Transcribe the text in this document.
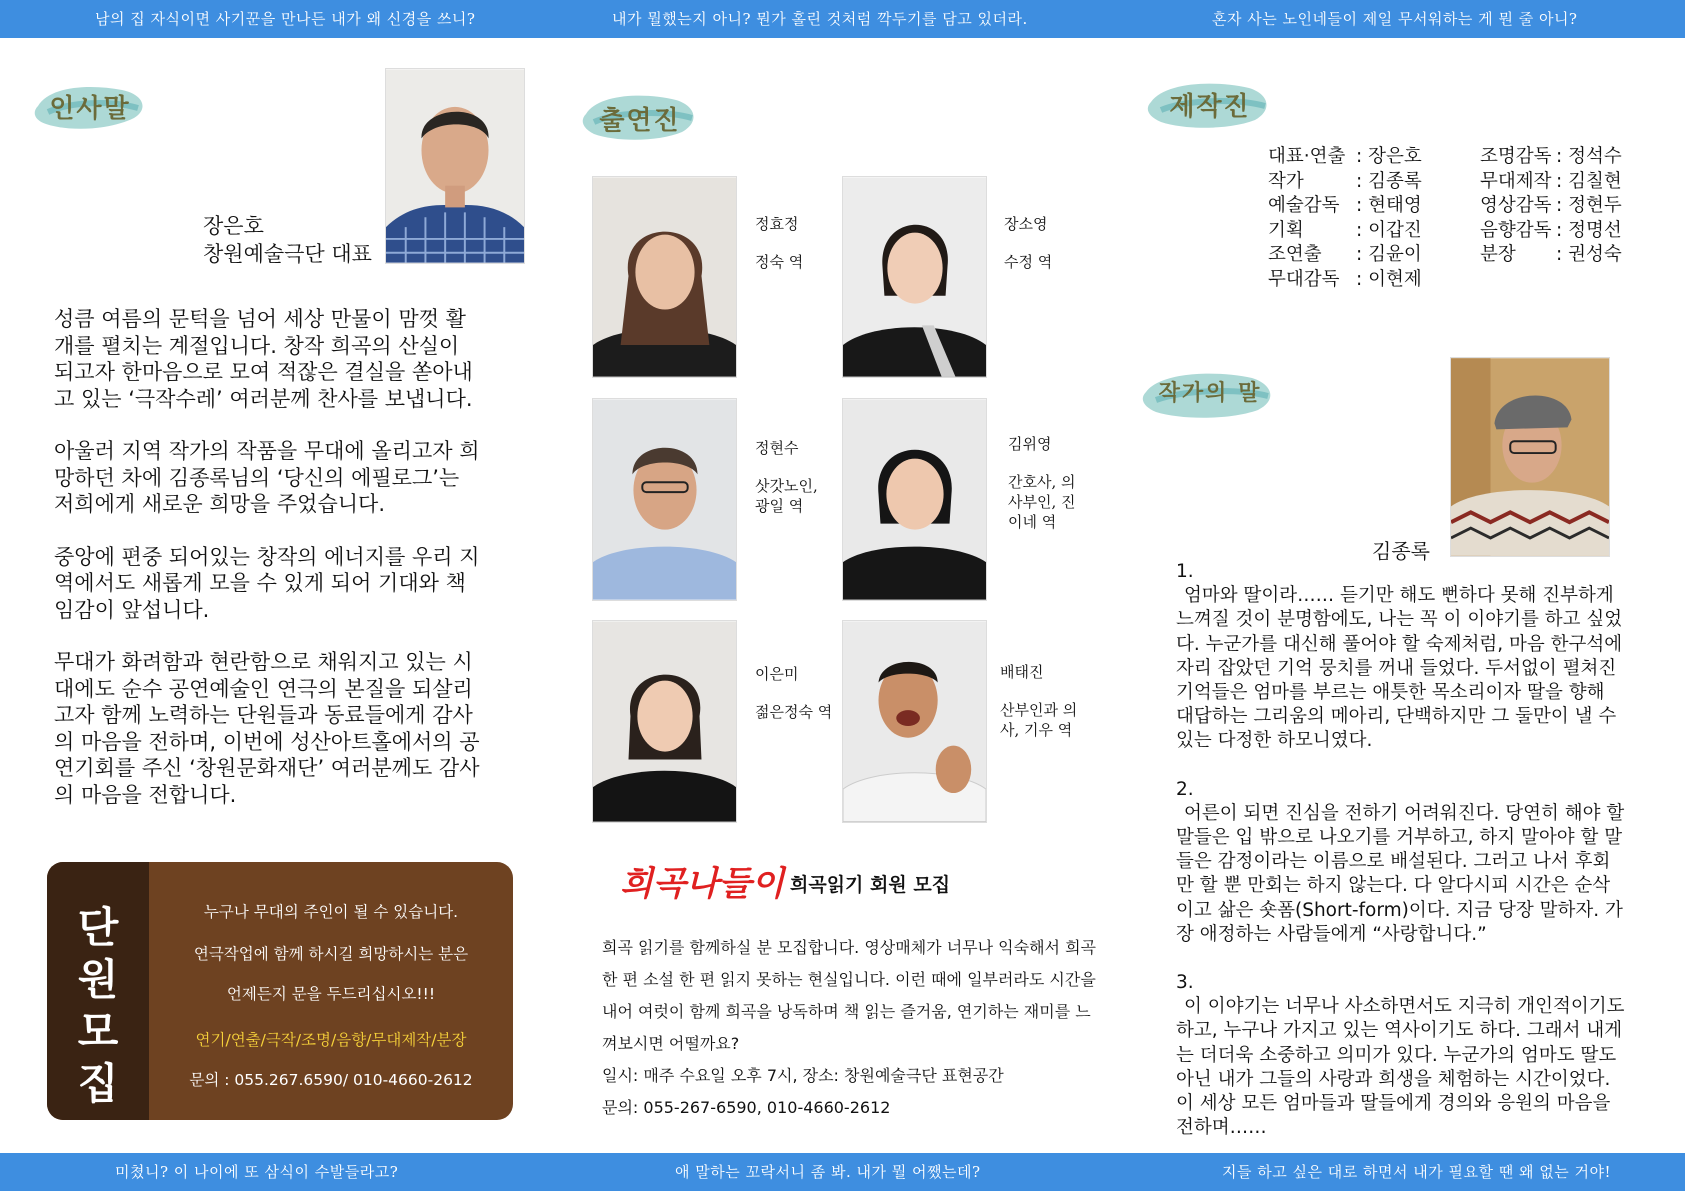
남의 집 자식이면 사기꾼을 만나든 내가 왜 신경을 쓰니?	내가 뭘했는지 아니? 뭔가 홀린 것처럼 깍두기를 담고 있더라.	혼자 사는 노인네들이 제일 무서워하는 게 뭔 줄 아니?
인사말
장은호
창원예술극단 대표

성큼 여름의 문턱을 넘어 세상 만물이 맘껏 활개를 펼치는 계절입니다. 창작 희곡의 산실이 되고자 한마음으로 모여 적잖은 결실을 쏟아내고 있는 ‘극작수레’ 여러분께 찬사를 보냅니다.

아울러 지역 작가의 작품을 무대에 올리고자 희망하던 차에 김종록님의 ‘당신의 에필로그’는 저희에게 새로운 희망을 주었습니다.

중앙에 편중 되어있는 창작의 에너지를 우리 지역에서도 새롭게 모을 수 있게 되어 기대와 책임감이 앞섭니다.

무대가 화려함과 현란함으로 채워지고 있는 시대에도 순수 공연예술인 연극의 본질을 되살리고자 함께 노력하는 단원들과 동료들에게 감사의 마음을 전하며, 이번에 성산아트홀에서의 공연기회를 주신 ‘창원문화재단’ 여러분께도 감사의 마음을 전합니다.

단
원
모
집
누구나 무대의 주인이 될 수 있습니다.
연극작업에 함께 하시길 희망하시는 분은
언제든지 문을 두드리십시오!!!
연기/연출/극작/조명/음향/무대제작/분장
문의 : 055.267.6590/ 010-4660-2612
출연진
정효정
정숙 역
장소영
수정 역
정현수
삿갓노인, 광일 역
김위영
간호사, 의사부인, 진이네 역
이은미
젊은정숙 역
배태진
산부인과 의사, 기우 역
희곡나들이 희곡읽기 회원 모집
희곡 읽기를 함께하실 분 모집합니다. 영상매체가 너무나 익숙해서 희곡 한 편 소설 한 편 읽지 못하는 현실입니다. 이런 때에 일부러라도 시간을 내어 여럿이 함께 희곡을 낭독하며 책 읽는 즐거움, 연기하는 재미를 느껴보시면 어떨까요?
일시: 매주 수요일 오후 7시, 장소: 창원예술극단 표현공간
문의: 055-267-6590, 010-4660-2612
제작진
대표·연출 : 장은호
작가	: 김종록
예술감독 : 현태영
기획	: 이갑진
조연출 : 김윤이
무대감독 : 이현제
조명감독 : 정석수
무대제작 : 김칠현
영상감독 : 정현두
음향감독 : 정명선
분장 : 권성숙
작가의 말
김종록
1.
엄마와 딸이라…… 듣기만 해도 뻔하다 못해 진부하게 느껴질 것이 분명함에도, 나는 꼭 이 이야기를 하고 싶었다. 누군가를 대신해 풀어야 할 숙제처럼, 마음 한구석에 자리 잡았던 기억 뭉치를 꺼내 들었다. 두서없이 펼쳐진 기억들은 엄마를 부르는 애틋한 목소리이자 딸을 향해 대답하는 그리움의 메아리, 단백하지만 그 둘만이 낼 수 있는 다정한 하모니였다.
2.
어른이 되면 진심을 전하기 어려워진다. 당연히 해야 할 말들은 입 밖으로 나오기를 거부하고, 하지 말아야 할 말들은 감정이라는 이름으로 배설된다. 그러고 나서 후회만 할 뿐 만회는 하지 않는다. 다 알다시피 시간은 순삭이고 삶은 숏폼(Short-form)이다. 지금 당장 말하자. 가장 애정하는 사람들에게 “사랑합니다.”
3.
이 이야기는 너무나 사소하면서도 지극히 개인적이기도 하고, 누구나 가지고 있는 역사이기도 하다. 그래서 내게는 더더욱 소중하고 의미가 있다. 누군가의 엄마도 딸도 아닌 내가 그들의 사랑과 희생을 체험하는 시간이었다. 이 세상 모든 엄마들과 딸들에게 경의와 응원의 마음을 전하며……
미쳤니? 이 나이에 또 삼식이 수발들라고?	애 말하는 꼬락서니 좀 봐. 내가 뭘 어쨌는데?	지들 하고 싶은 대로 하면서 내가 필요할 땐 왜 없는 거야!
